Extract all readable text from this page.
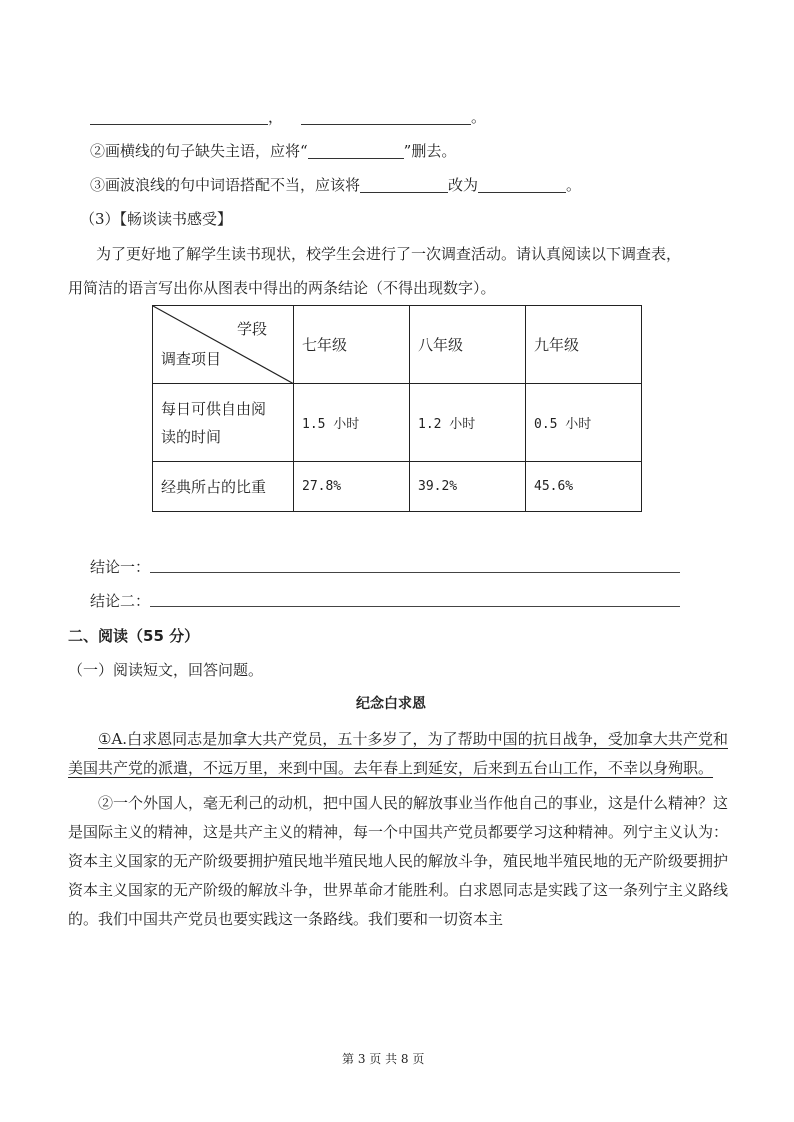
，	。
②画横线的句子缺失主语，应将“	”删去。
③画波浪线的句中词语搭配不当，应该将	改为	。
（3）【畅谈读书感受】
为了更好地了解学生读书现状，校学生会进行了一次调查活动。请认真阅读以下调查表，
用简洁的语言写出你从图表中得出的两条结论（不得出现数字）。
学段
调查项目	七年级	八年级	九年级
每日可供自由阅
读的时间	1.5 小时	1.2 小时	0.5 小时
经典所占的比重	27.8%	39.2%	45.6%
结论一：
结论二：
二、阅读（55 分）
（一）阅读短文，回答问题。
纪念白求恩

①A.白求恩同志是加拿大共产党员，五十多岁了，为了帮助中国的抗日战争，受加拿大共产党和美国共产党的派遣，不远万里，来到中国。去年春上到延安，后来到五台山工作，不幸以身殉职。

②一个外国人，毫无利己的动机，把中国人民的解放事业当作他自己的事业，这是什么精神？这是国际主义的精神，这是共产主义的精神，每一个中国共产党员都要学习这种精神。列宁主义认为：资本主义国家的无产阶级要拥护殖民地半殖民地人民的解放斗争，殖民地半殖民地的无产阶级要拥护资本主义国家的无产阶级的解放斗争，世界革命才能胜利。白求恩同志是实践了这一条列宁主义路线的。我们中国共产党员也要实践这一条路线。我们要和一切资本主

第 3 页 共 8 页
